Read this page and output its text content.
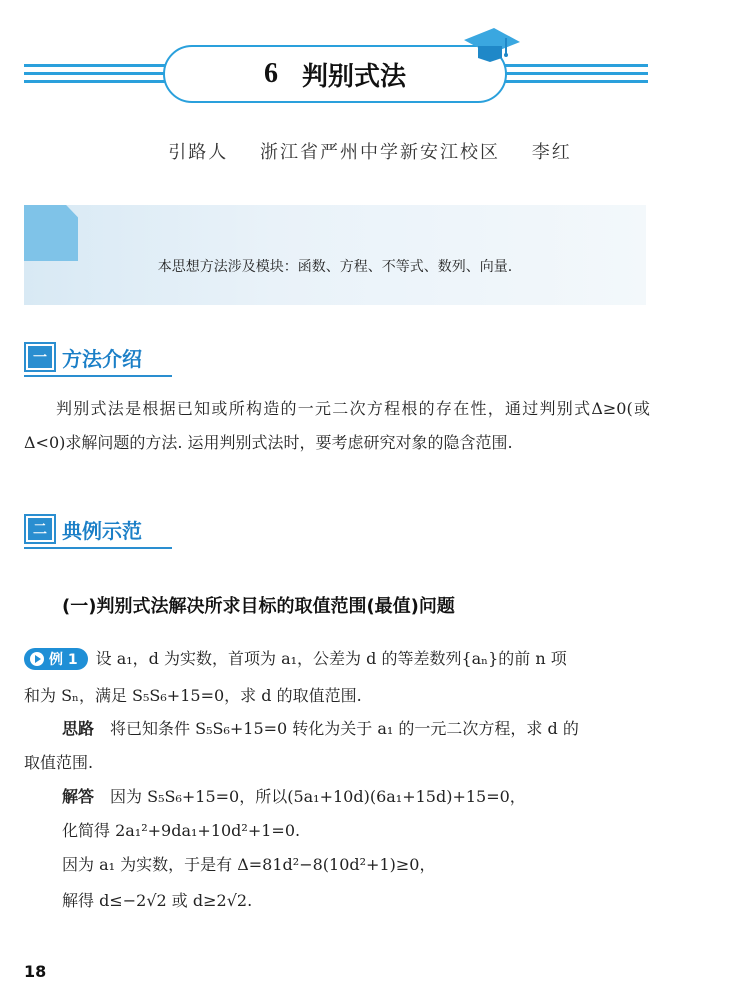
6 判别式法
引路人 浙江省严州中学新安江校区 李红
本思想方法涉及模块：函数、方程、不等式、数列、向量.
一 方法介绍

判别式法是根据已知或所构造的一元二次方程根的存在性，通过判别式Δ≥0(或Δ<0)求解问题的方法. 运用判别式法时，要考虑研究对象的隐含范围.

二 典例示范
(一)判别式法解决所求目标的取值范围(最值)问题
例 1 设 a₁，d 为实数，首项为 a₁，公差为 d 的等差数列{aₙ}的前 n 项
和为 Sₙ，满足 S₅S₆+15=0，求 d 的取值范围.
思路 将已知条件 S₅S₆+15=0 转化为关于 a₁ 的一元二次方程，求 d 的
取值范围.
解答 因为 S₅S₆+15=0，所以(5a₁+10d)(6a₁+15d)+15=0，
化简得 2a₁²+9da₁+10d²+1=0.
因为 a₁ 为实数，于是有 Δ=81d²−8(10d²+1)≥0，
解得 d≤−2√2 或 d≥2√2.
18
